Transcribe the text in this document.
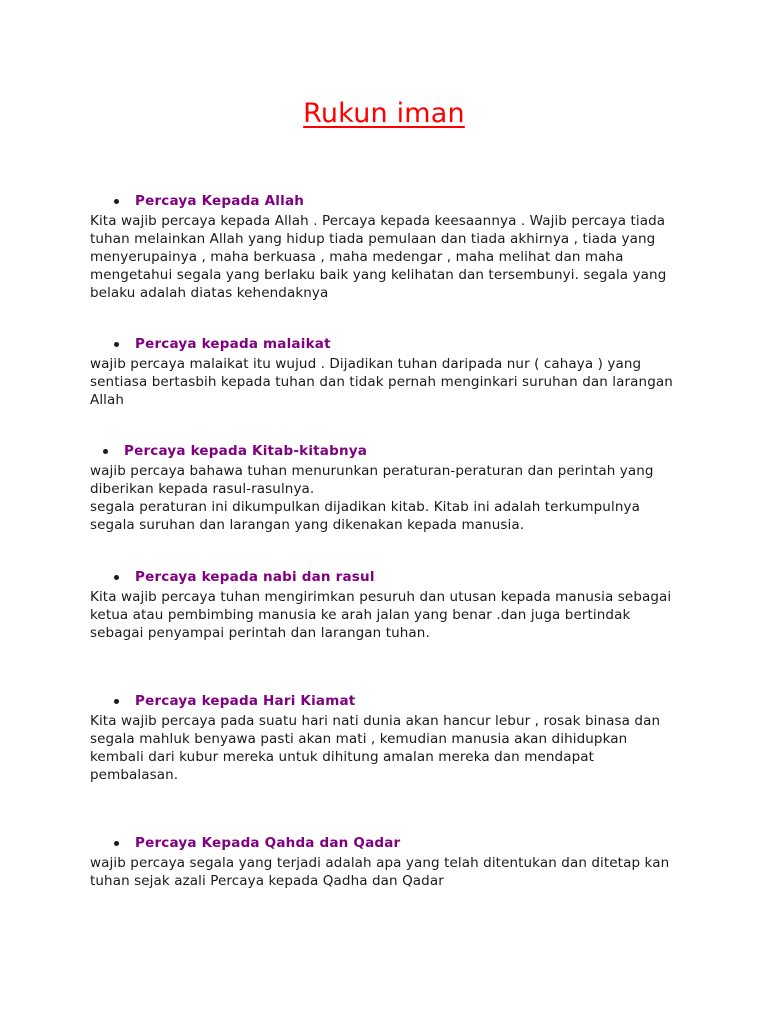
Rukun iman
Percaya Kepada Allah

Kita wajib percaya kepada Allah . Percaya kepada keesaannya . Wajib percaya tiada

tuhan melainkan Allah yang hidup tiada pemulaan dan tiada akhirnya , tiada yang

menyerupainya , maha berkuasa , maha medengar , maha melihat dan maha

mengetahui segala yang berlaku baik yang kelihatan dan tersembunyi. segala yang

belaku adalah diatas kehendaknya

Percaya kepada malaikat

wajib percaya malaikat itu wujud . Dijadikan tuhan daripada nur ( cahaya ) yang

sentiasa bertasbih kepada tuhan dan tidak pernah menginkari suruhan dan larangan

Allah

Percaya kepada Kitab-kitabnya

wajib percaya bahawa tuhan menurunkan peraturan-peraturan dan perintah yang

diberikan kepada rasul-rasulnya.

segala peraturan ini dikumpulkan dijadikan kitab. Kitab ini adalah terkumpulnya

segala suruhan dan larangan yang dikenakan kepada manusia.

Percaya kepada nabi dan rasul

Kita wajib percaya tuhan mengirimkan pesuruh dan utusan kepada manusia sebagai

ketua atau pembimbing manusia ke arah jalan yang benar .dan juga bertindak

sebagai penyampai perintah dan larangan tuhan.

Percaya kepada Hari Kiamat

Kita wajib percaya pada suatu hari nati dunia akan hancur lebur , rosak binasa dan

segala mahluk benyawa pasti akan mati , kemudian manusia akan dihidupkan

kembali dari kubur mereka untuk dihitung amalan mereka dan mendapat

pembalasan.

Percaya Kepada Qahda dan Qadar

wajib percaya segala yang terjadi adalah apa yang telah ditentukan dan ditetap kan

tuhan sejak azali Percaya kepada Qadha dan Qadar
